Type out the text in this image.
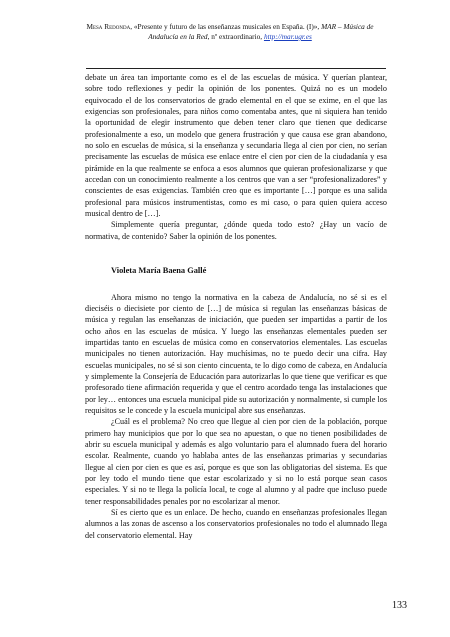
Mesa Redonda, «Presente y futuro de las enseñanzas musicales en España. (I)», MAR – Música de Andalucía en la Red, nº extraordinario, http://mar.ugr.es

debate un área tan importante como es el de las escuelas de música. Y querían plantear, sobre todo reflexiones y pedir la opinión de los ponentes. Quizá no es un modelo equivocado el de los conservatorios de grado elemental en el que se exime, en el que las exigencias son profesionales, para niños como comentaba antes, que ni siquiera han tenido la oportunidad de elegir instrumento que deben tener claro que tienen que dedicarse profesionalmente a eso, un modelo que genera frustración y que causa ese gran abandono, no solo en escuelas de música, si la enseñanza y secundaria llega al cien por cien, no serían precisamente las escuelas de música ese enlace entre el cien por cien de la ciudadanía y esa pirámide en la que realmente se enfoca a esos alumnos que quieran profesionalizarse y que accedan con un conocimiento realmente a los centros que van a ser “profesionalizadores” y conscientes de esas exigencias. También creo que es importante […] porque es una salida profesional para músicos instrumentistas, como es mi caso, o para quien quiera acceso musical dentro de […].

Simplemente quería preguntar, ¿dónde queda todo esto? ¿Hay un vacío de normativa, de contenido? Saber la opinión de los ponentes.

Violeta María Baena Gallé

Ahora mismo no tengo la normativa en la cabeza de Andalucía, no sé si es el dieciséis o diecisiete por ciento de […] de música si regulan las enseñanzas básicas de música y regulan las enseñanzas de iniciación, que pueden ser impartidas a partir de los ocho años en las escuelas de música. Y luego las enseñanzas elementales pueden ser impartidas tanto en escuelas de música como en conservatorios elementales. Las escuelas municipales no tienen autorización. Hay muchísimas, no te puedo decir una cifra. Hay escuelas municipales, no sé si son ciento cincuenta, te lo digo como de cabeza, en Andalucía y simplemente la Consejería de Educación para autorizarlas lo que tiene que verificar es que profesorado tiene afirmación requerida y que el centro acordado tenga las instalaciones que por ley… entonces una escuela municipal pide su autorización y normalmente, si cumple los requisitos se le concede y la escuela municipal abre sus enseñanzas.

¿Cuál es el problema? No creo que llegue al cien por cien de la población, porque primero hay municipios que por lo que sea no apuestan, o que no tienen posibilidades de abrir su escuela municipal y además es algo voluntario para el alumnado fuera del horario escolar. Realmente, cuando yo hablaba antes de las enseñanzas primarias y secundarias llegue al cien por cien es que es así, porque es que son las obligatorias del sistema. Es que por ley todo el mundo tiene que estar escolarizado y si no lo está porque sean casos especiales. Y si no te llega la policía local, te coge al alumno y al padre que incluso puede tener responsabilidades penales por no escolarizar al menor.

Sí es cierto que es un enlace. De hecho, cuando en enseñanzas profesionales llegan alumnos a las zonas de ascenso a los conservatorios profesionales no todo el alumnado llega del conservatorio elemental. Hay

133
